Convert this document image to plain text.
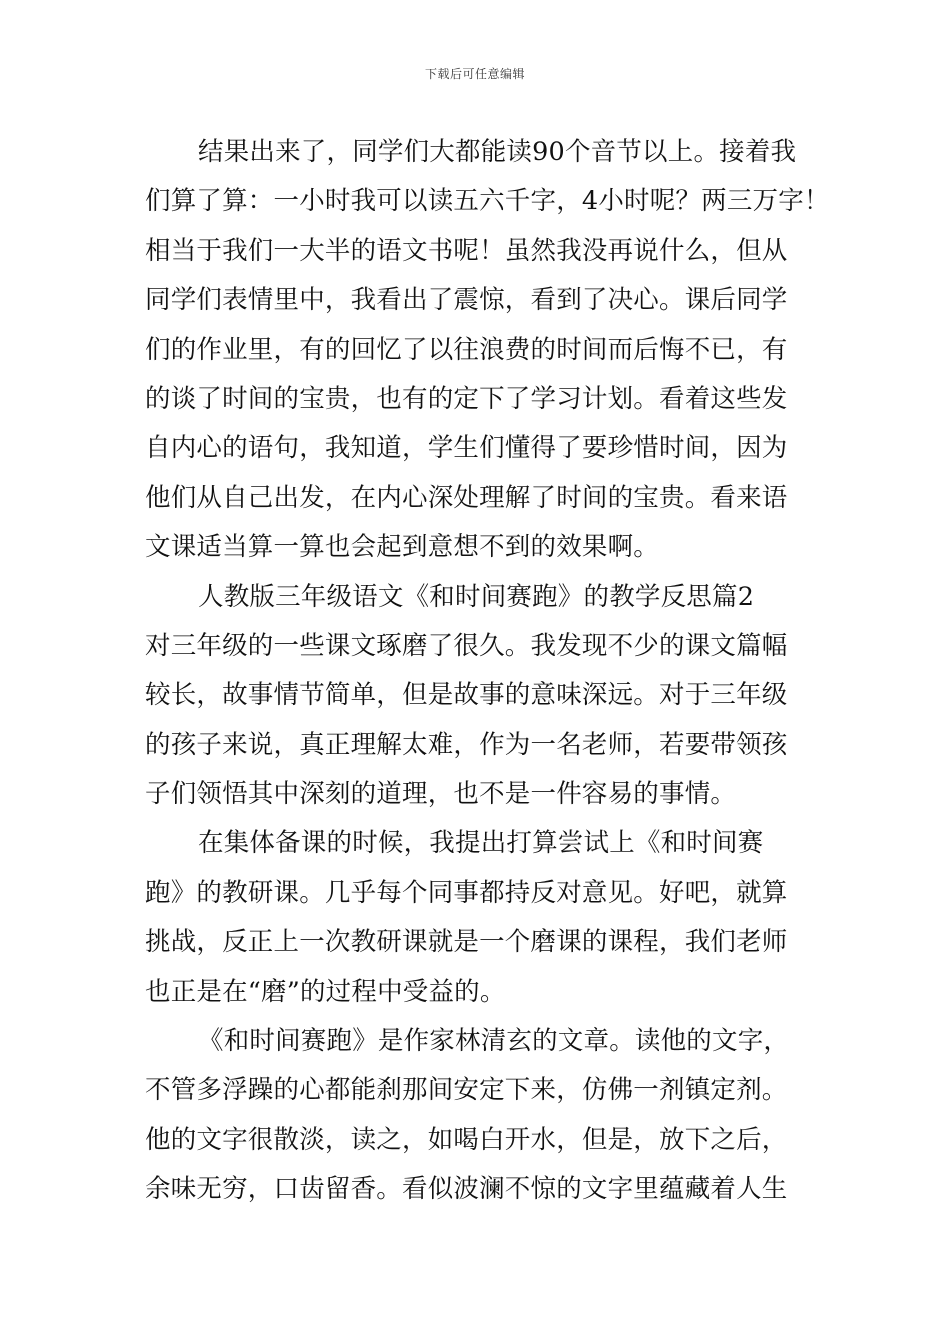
下载后可任意编辑
结果出来了，同学们大都能读90个音节以上。接着我
们算了算：一小时我可以读五六千字，4小时呢？两三万字！
相当于我们一大半的语文书呢！虽然我没再说什么，但从
同学们表情里中，我看出了震惊，看到了决心。课后同学
们的作业里，有的回忆了以往浪费的时间而后悔不已，有
的谈了时间的宝贵，也有的定下了学习计划。看着这些发
自内心的语句，我知道，学生们懂得了要珍惜时间，因为
他们从自己出发，在内心深处理解了时间的宝贵。看来语
文课适当算一算也会起到意想不到的效果啊。
人教版三年级语文《和时间赛跑》的教学反思篇2
对三年级的一些课文琢磨了很久。我发现不少的课文篇幅
较长，故事情节简单，但是故事的意味深远。对于三年级
的孩子来说，真正理解太难，作为一名老师，若要带领孩
子们领悟其中深刻的道理，也不是一件容易的事情。
在集体备课的时候，我提出打算尝试上《和时间赛
跑》的教研课。几乎每个同事都持反对意见。好吧，就算
挑战，反正上一次教研课就是一个磨课的课程，我们老师
也正是在“磨”的过程中受益的。
《和时间赛跑》是作家林清玄的文章。读他的文字，
不管多浮躁的心都能刹那间安定下来，仿佛一剂镇定剂。
他的文字很散淡，读之，如喝白开水，但是，放下之后，
余味无穷，口齿留香。看似波澜不惊的文字里蕴藏着人生
